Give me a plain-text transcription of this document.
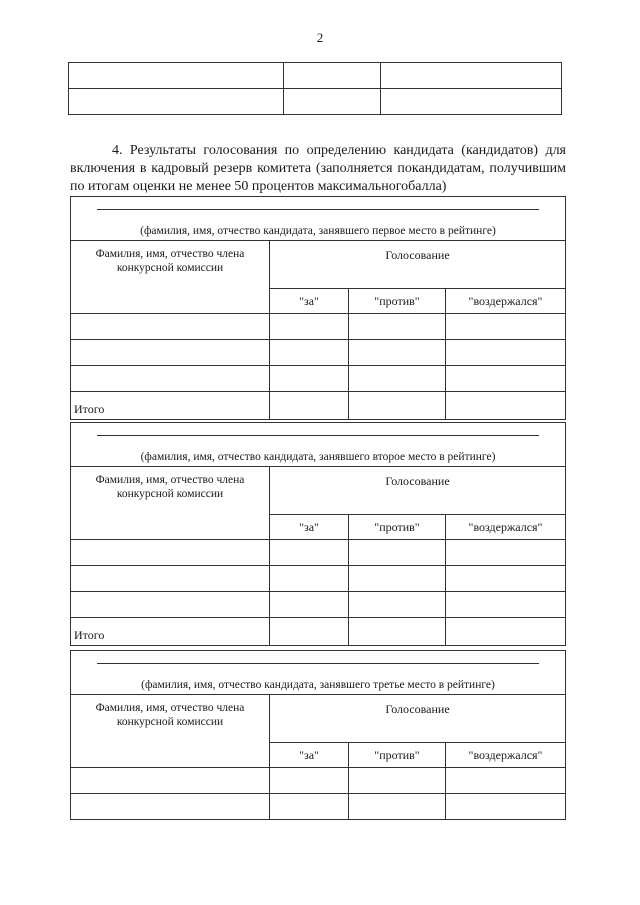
2

4. Результаты голосования по определению кандидата (кандидатов) для включения в кадровый резерв комитета (заполняется покандидатам, получившим по итогам оценки не менее 50 процентов максимальногобалла)

(фамилия, имя, отчество кандидата, занявшего первое место в рейтинге)			
Фамилия, имя, отчество члена конкурсной комиссии	Голосование		
	"за"	"против"	"воздержался"

Итого			
(фамилия, имя, отчество кандидата, занявшего второе место в рейтинге)			
Фамилия, имя, отчество члена конкурсной комиссии	Голосование		
	"за"	"против"	"воздержался"

Итого			
(фамилия, имя, отчество кандидата, занявшего третье место в рейтинге)			
Фамилия, имя, отчество члена конкурсной комиссии	Голосование		
	"за"	"против"	"воздержался"
